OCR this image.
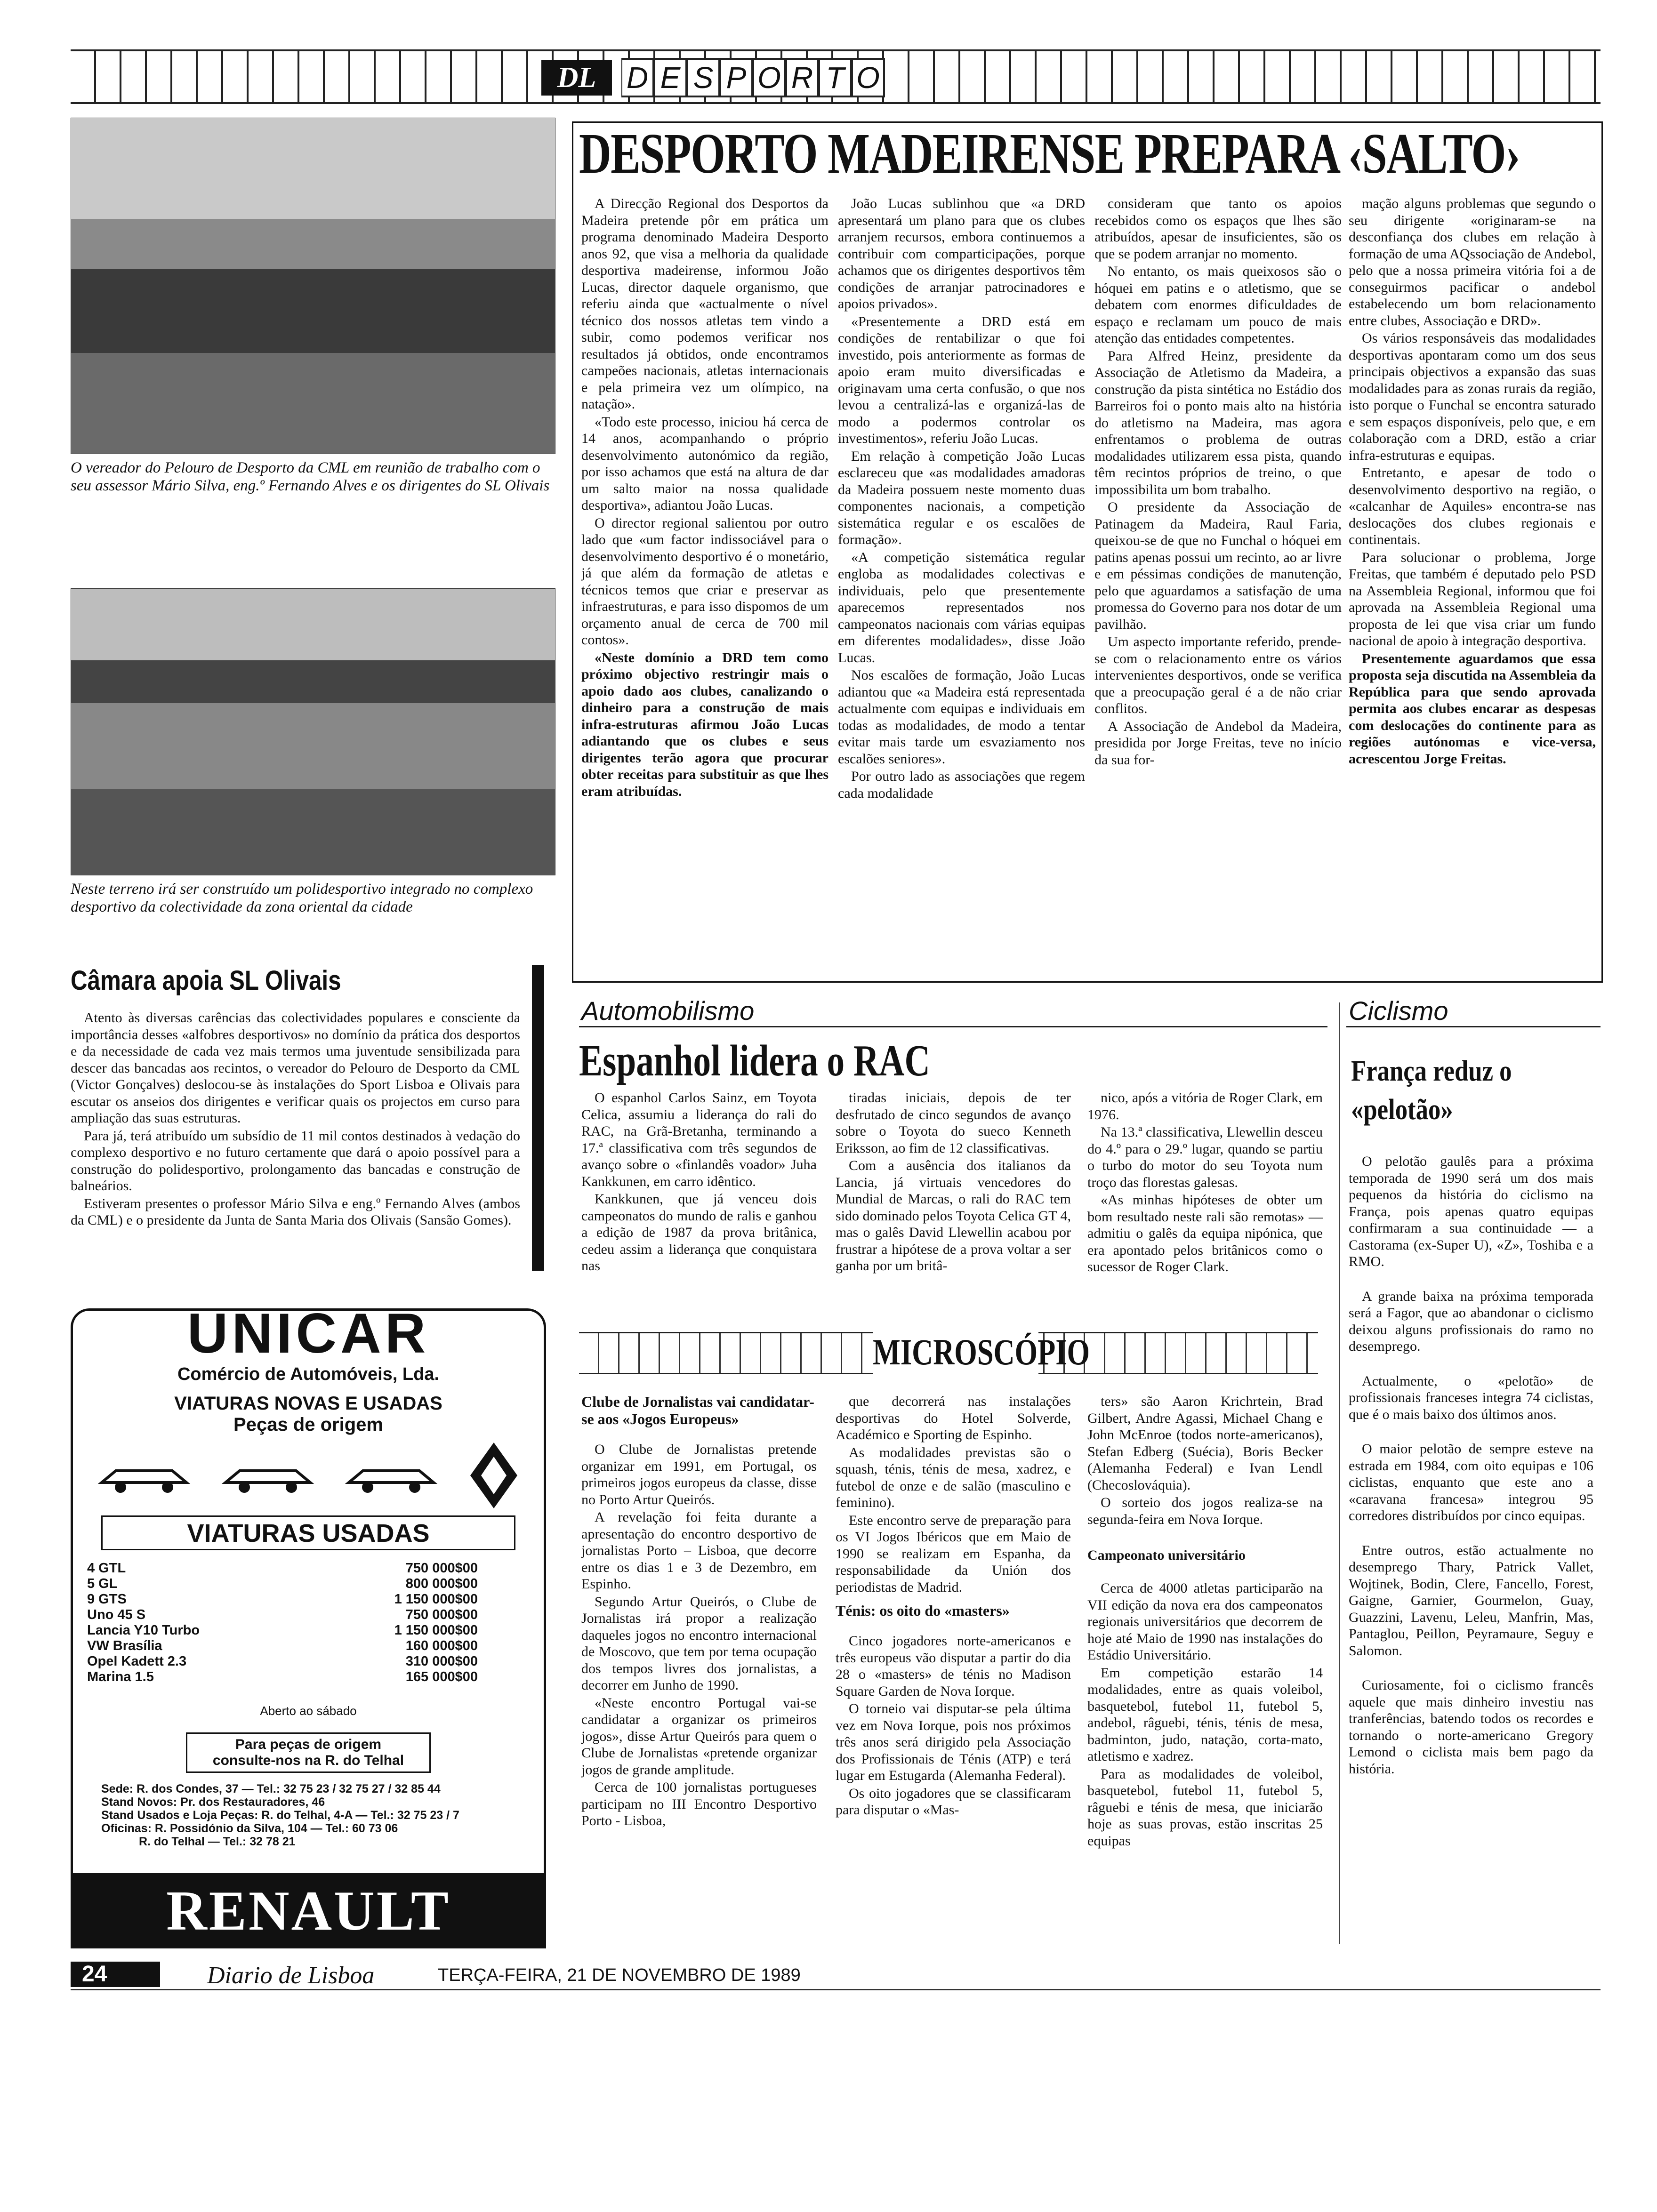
DL	D E S P O R T O
O vereador do Pelouro de Desporto da CML em reunião de trabalho com o seu assessor Mário Silva, eng.º Fernando Alves e os dirigentes do SL Olivais
Neste terreno irá ser construído um polidesportivo integrado no complexo desportivo da colectividade da zona oriental da cidade
DESPORTO MADEIRENSE PREPARA ‹SALTO›

A Direcção Regional dos Desportos da Madeira pretende pôr em prática um programa denominado Madeira Desporto anos 92, que visa a melhoria da qualidade desportiva madeirense, informou João Lucas, director daquele organismo, que referiu ainda que «actualmente o nível técnico dos nossos atletas tem vindo a subir, como podemos verificar nos resultados já obtidos, onde encontramos campeões nacionais, atletas internacionais e pela primeira vez um olímpico, na natação».

«Todo este processo, iniciou há cerca de 14 anos, acompanhando o próprio desenvolvimento autonómico da região, por isso achamos que está na altura de dar um salto maior na nossa qualidade desportiva», adiantou João Lucas.

O director regional salientou por outro lado que «um factor indissociável para o desenvolvimento desportivo é o monetário, já que além da formação de atletas e técnicos temos que criar e preservar as infraestruturas, e para isso dispomos de um orçamento anual de cerca de 700 mil contos».

«Neste domínio a DRD tem como próximo objectivo restringir mais o apoio dado aos clubes, canalizando o dinheiro para a construção de mais infra-estruturas afirmou João Lucas adiantando que os clubes e seus dirigentes terão agora que procurar obter receitas para substituir as que lhes eram atribuídas.

João Lucas sublinhou que «a DRD apresentará um plano para que os clubes arranjem recursos, embora continuemos a contribuir com comparticipações, porque achamos que os dirigentes desportivos têm condições de arranjar patrocinadores e apoios privados».

«Presentemente a DRD está em condições de rentabilizar o que foi investido, pois anteriormente as formas de apoio eram muito diversificadas e originavam uma certa confusão, o que nos levou a centralizá-las e organizá-las de modo a podermos controlar os investimentos», referiu João Lucas.

Em relação à competição João Lucas esclareceu que «as modalidades amadoras da Madeira possuem neste momento duas componentes nacionais, a competição sistemática regular e os escalões de formação».

«A competição sistemática regular engloba as modalidades colectivas e individuais, pelo que presentemente aparecemos representados nos campeonatos nacionais com várias equipas em diferentes modalidades», disse João Lucas.

Nos escalões de formação, João Lucas adiantou que «a Madeira está representada actualmente com equipas e individuais em todas as modalidades, de modo a tentar evitar mais tarde um esvaziamento nos escalões seniores».

Por outro lado as associações que regem cada modalidade

consideram que tanto os apoios recebidos como os espaços que lhes são atribuídos, apesar de insuficientes, são os que se podem arranjar no momento.

No entanto, os mais queixosos são o hóquei em patins e o atletismo, que se debatem com enormes dificuldades de espaço e reclamam um pouco de mais atenção das entidades competentes.

Para Alfred Heinz, presidente da Associação de Atletismo da Madeira, a construção da pista sintética no Estádio dos Barreiros foi o ponto mais alto na história do atletismo na Madeira, mas agora enfrentamos o problema de outras modalidades utilizarem essa pista, quando têm recintos próprios de treino, o que impossibilita um bom trabalho.

O presidente da Associação de Patinagem da Madeira, Raul Faria, queixou-se de que no Funchal o hóquei em patins apenas possui um recinto, ao ar livre e em péssimas condições de manutenção, pelo que aguardamos a satisfação de uma promessa do Governo para nos dotar de um pavilhão.

Um aspecto importante referido, prende-se com o relacionamento entre os vários intervenientes desportivos, onde se verifica que a preocupação geral é a de não criar conflitos.

A Associação de Andebol da Madeira, presidida por Jorge Freitas, teve no início da sua for-

mação alguns problemas que segundo o seu dirigente «originaram-se na desconfiança dos clubes em relação à formação de uma AQssociação de Andebol, pelo que a nossa primeira vitória foi a de conseguirmos pacificar o andebol estabelecendo um bom relacionamento entre clubes, Associação e DRD».

Os vários responsáveis das modalidades desportivas apontaram como um dos seus principais objectivos a expansão das suas modalidades para as zonas rurais da região, isto porque o Funchal se encontra saturado e sem espaços disponíveis, pelo que, e em colaboração com a DRD, estão a criar infra-estruturas e equipas.

Entretanto, e apesar de todo o desenvolvimento desportivo na região, o «calcanhar de Aquiles» encontra-se nas deslocações dos clubes regionais e continentais.

Para solucionar o problema, Jorge Freitas, que também é deputado pelo PSD na Assembleia Regional, informou que foi aprovada na Assembleia Regional uma proposta de lei que visa criar um fundo nacional de apoio à integração desportiva.

Presentemente aguardamos que essa proposta seja discutida na Assembleia da República para que sendo aprovada permita aos clubes encarar as despesas com deslocações do continente para as regiões autónomas e vice-versa, acrescentou Jorge Freitas.

Câmara apoia SL Olivais

Atento às diversas carências das colectividades populares e consciente da importância desses «alfobres desportivos» no domínio da prática dos desportos e da necessidade de cada vez mais termos uma juventude sensibilizada para descer das bancadas aos recintos, o vereador do Pelouro de Desporto da CML (Victor Gonçalves) deslocou-se às instalações do Sport Lisboa e Olivais para escutar os anseios dos dirigentes e verificar quais os projectos em curso para ampliação das suas estruturas.

Para já, terá atribuído um subsídio de 11 mil contos destinados à vedação do complexo desportivo e no futuro certamente que dará o apoio possível para a construção do polidesportivo, prolongamento das bancadas e construção de balneários.

Estiveram presentes o professor Mário Silva e eng.º Fernando Alves (ambos da CML) e o presidente da Junta de Santa Maria dos Olivais (Sansão Gomes).

UNICAR
Comércio de Automóveis, Lda.
VIATURAS NOVAS E USADAS
Peças de origem
VIATURAS USADAS
4 GTL	750 000$00
5 GL	800 000$00
9 GTS	1 150 000$00
Uno 45 S	750 000$00
Lancia Y10 Turbo	1 150 000$00
VW Brasília	160 000$00
Opel Kadett 2.3	310 000$00
Marina 1.5	165 000$00
Aberto ao sábado
Para peças de origem
consulte-nos na R. do Telhal
Sede: R. dos Condes, 37 — Tel.: 32 75 23 / 32 75 27 / 32 85 44
Stand Novos: Pr. dos Restauradores, 46
Stand Usados e Loja Peças: R. do Telhal, 4-A — Tel.: 32 75 23 / 7
Oficinas: R. Possidónio da Silva, 104 — Tel.: 60 73 06
R. do Telhal — Tel.: 32 78 21
RENAULT
Automobilismo
Espanhol lidera o RAC

O espanhol Carlos Sainz, em Toyota Celica, assumiu a liderança do rali do RAC, na Grã-Bretanha, terminando a 17.ª classificativa com três segundos de avanço sobre o «finlandês voador» Juha Kankkunen, em carro idêntico.

Kankkunen, que já venceu dois campeonatos do mundo de ralis e ganhou a edição de 1987 da prova britânica, cedeu assim a liderança que conquistara nas

tiradas iniciais, depois de ter desfrutado de cinco segundos de avanço sobre o Toyota do sueco Kenneth Eriksson, ao fim de 12 classificativas.

Com a ausência dos italianos da Lancia, já virtuais vencedores do Mundial de Marcas, o rali do RAC tem sido dominado pelos Toyota Celica GT 4, mas o galês David Llewellin acabou por frustrar a hipótese de a prova voltar a ser ganha por um britâ-

nico, após a vitória de Roger Clark, em 1976.

Na 13.ª classificativa, Llewellin desceu do 4.º para o 29.º lugar, quando se partiu o turbo do motor do seu Toyota num troço das florestas galesas.

«As minhas hipóteses de obter um bom resultado neste rali são remotas» — admitiu o galês da equipa nipónica, que era apontado pelos britânicos como o sucessor de Roger Clark.

Ciclismo
França reduz o «pelotão»

O pelotão gaulês para a próxima temporada de 1990 será um dos mais pequenos da história do ciclismo na França, pois apenas quatro equipas confirmaram a sua continuidade — a Castorama (ex-Super U), «Z», Toshiba e a RMO.

A grande baixa na próxima temporada será a Fagor, que ao abandonar o ciclismo deixou alguns profissionais do ramo no desemprego.

Actualmente, o «pelotão» de profissionais franceses integra 74 ciclistas, que é o mais baixo dos últimos anos.

O maior pelotão de sempre esteve na estrada em 1984, com oito equipas e 106 ciclistas, enquanto que este ano a «caravana francesa» integrou 95 corredores distribuídos por cinco equipas.

Entre outros, estão actualmente no desemprego Thary, Patrick Vallet, Wojtinek, Bodin, Clere, Fancello, Forest, Gaigne, Garnier, Gourmelon, Guay, Guazzini, Lavenu, Leleu, Manfrin, Mas, Pantaglou, Peillon, Peyramaure, Seguy e Salomon.

Curiosamente, foi o ciclismo francês aquele que mais dinheiro investiu nas tranferências, batendo todos os recordes e tornando o norte-americano Gregory Lemond o ciclista mais bem pago da história.

MICROSCÓPIO
Clube de Jornalistas vai candidatar-se aos «Jogos Europeus»

O Clube de Jornalistas pretende organizar em 1991, em Portugal, os primeiros jogos europeus da classe, disse no Porto Artur Queirós.

A revelação foi feita durante a apresentação do encontro desportivo de jornalistas Porto – Lisboa, que decorre entre os dias 1 e 3 de Dezembro, em Espinho.

Segundo Artur Queirós, o Clube de Jornalistas irá propor a realização daqueles jogos no encontro internacional de Moscovo, que tem por tema ocupação dos tempos livres dos jornalistas, a decorrer em Junho de 1990.

«Neste encontro Portugal vai-se candidatar a organizar os primeiros jogos», disse Artur Queirós para quem o Clube de Jornalistas «pretende organizar jogos de grande amplitude.

Cerca de 100 jornalistas portugueses participam no III Encontro Desportivo Porto - Lisboa,

que decorrerá nas instalações desportivas do Hotel Solverde, Académico e Sporting de Espinho.

As modalidades previstas são o squash, ténis, ténis de mesa, xadrez, e futebol de onze e de salão (masculino e feminino).

Este encontro serve de preparação para os VI Jogos Ibéricos que em Maio de 1990 se realizam em Espanha, da responsabilidade da Unión dos periodistas de Madrid.

Ténis: os oito do «masters»

Cinco jogadores norte-americanos e três europeus vão disputar a partir do dia 28 o «masters» de ténis no Madison Square Garden de Nova Iorque.

O torneio vai disputar-se pela última vez em Nova Iorque, pois nos próximos três anos será dirigido pela Associação dos Profissionais de Ténis (ATP) e terá lugar em Estugarda (Alemanha Federal).

Os oito jogadores que se classificaram para disputar o «Mas-

ters» são Aaron Krichrtein, Brad Gilbert, Andre Agassi, Michael Chang e John McEnroe (todos norte-americanos), Stefan Edberg (Suécia), Boris Becker (Alemanha Federal) e Ivan Lendl (Checoslováquia).

O sorteio dos jogos realiza-se na segunda-feira em Nova Iorque.

Campeonato universitário

Cerca de 4000 atletas participarão na VII edição da nova era dos campeonatos regionais universitários que decorrem de hoje até Maio de 1990 nas instalações do Estádio Universitário.

Em competição estarão 14 modalidades, entre as quais voleibol, basquetebol, futebol 11, futebol 5, andebol, râguebi, ténis, ténis de mesa, badminton, judo, natação, corta-mato, atletismo e xadrez.

Para as modalidades de voleibol, basquetebol, futebol 11, futebol 5, râguebi e ténis de mesa, que iniciarão hoje as suas provas, estão inscritas 25 equipas

24	Diario de Lisboa	TERÇA-FEIRA, 21 DE NOVEMBRO DE 1989
